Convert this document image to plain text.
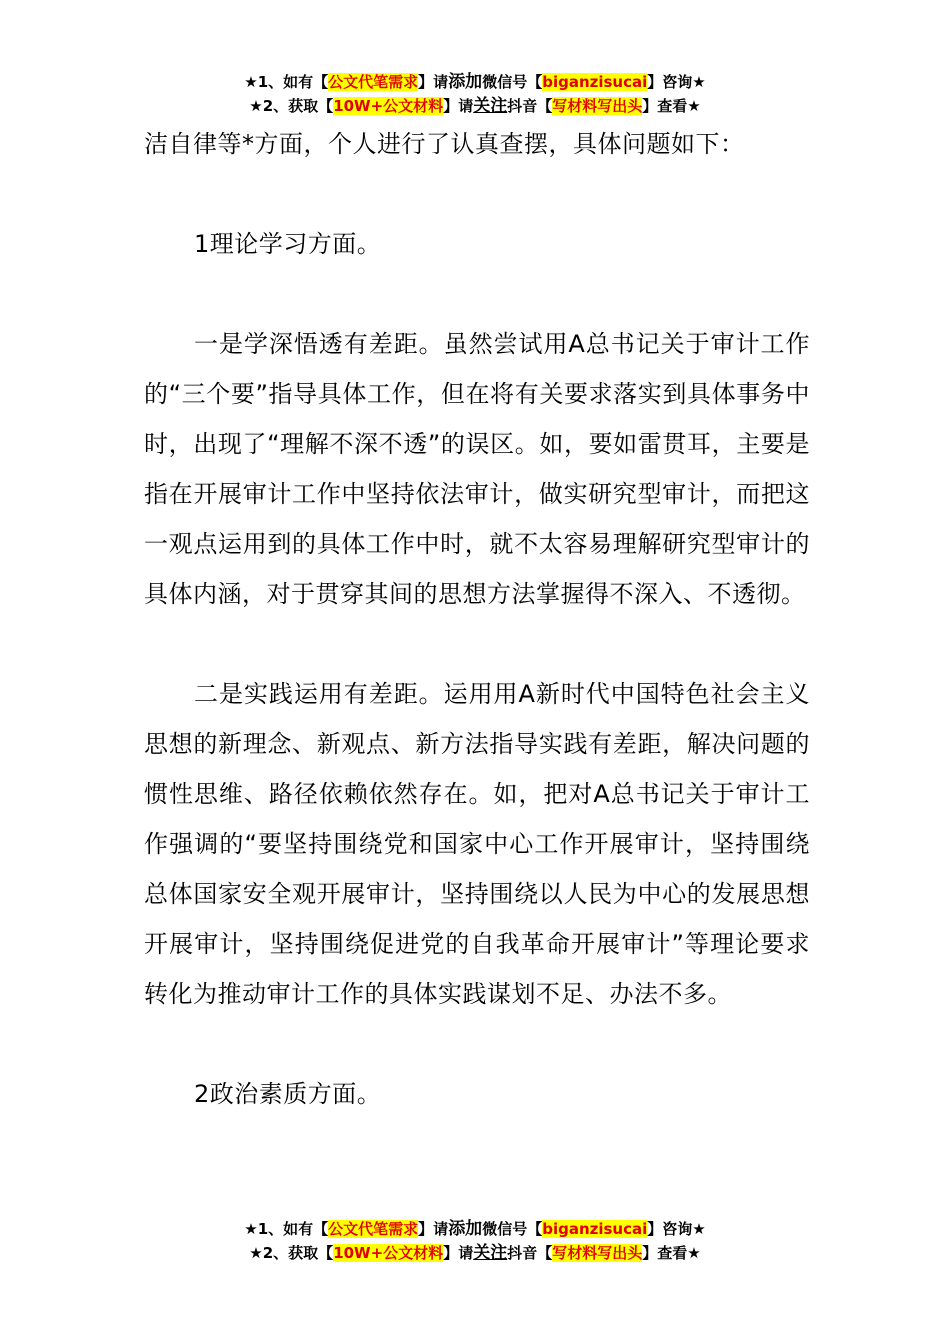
★1、如有【公文代笔需求】请添加微信号【biganzisucai】咨询★
★2、获取【10W+公文材料】请关注抖音【写材料写出头】查看★

洁自律等*方面，个人进行了认真查摆，具体问题如下：

1理论学习方面。

一是学深悟透有差距。虽然尝试用A总书记关于审计工作的“三个要”指导具体工作，但在将有关要求落实到具体事务中时，出现了“理解不深不透”的误区。如，要如雷贯耳，主要是指在开展审计工作中坚持依法审计，做实研究型审计，而把这一观点运用到的具体工作中时，就不太容易理解研究型审计的具体内涵，对于贯穿其间的思想方法掌握得不深入、不透彻。

二是实践运用有差距。运用用A新时代中国特色社会主义思想的新理念、新观点、新方法指导实践有差距，解决问题的惯性思维、路径依赖依然存在。如，把对A总书记关于审计工作强调的“要坚持围绕党和国家中心工作开展审计，坚持围绕总体国家安全观开展审计，坚持围绕以人民为中心的发展思想开展审计，坚持围绕促进党的自我革命开展审计”等理论要求转化为推动审计工作的具体实践谋划不足、办法不多。

2政治素质方面。

★1、如有【公文代笔需求】请添加微信号【biganzisucai】咨询★
★2、获取【10W+公文材料】请关注抖音【写材料写出头】查看★
